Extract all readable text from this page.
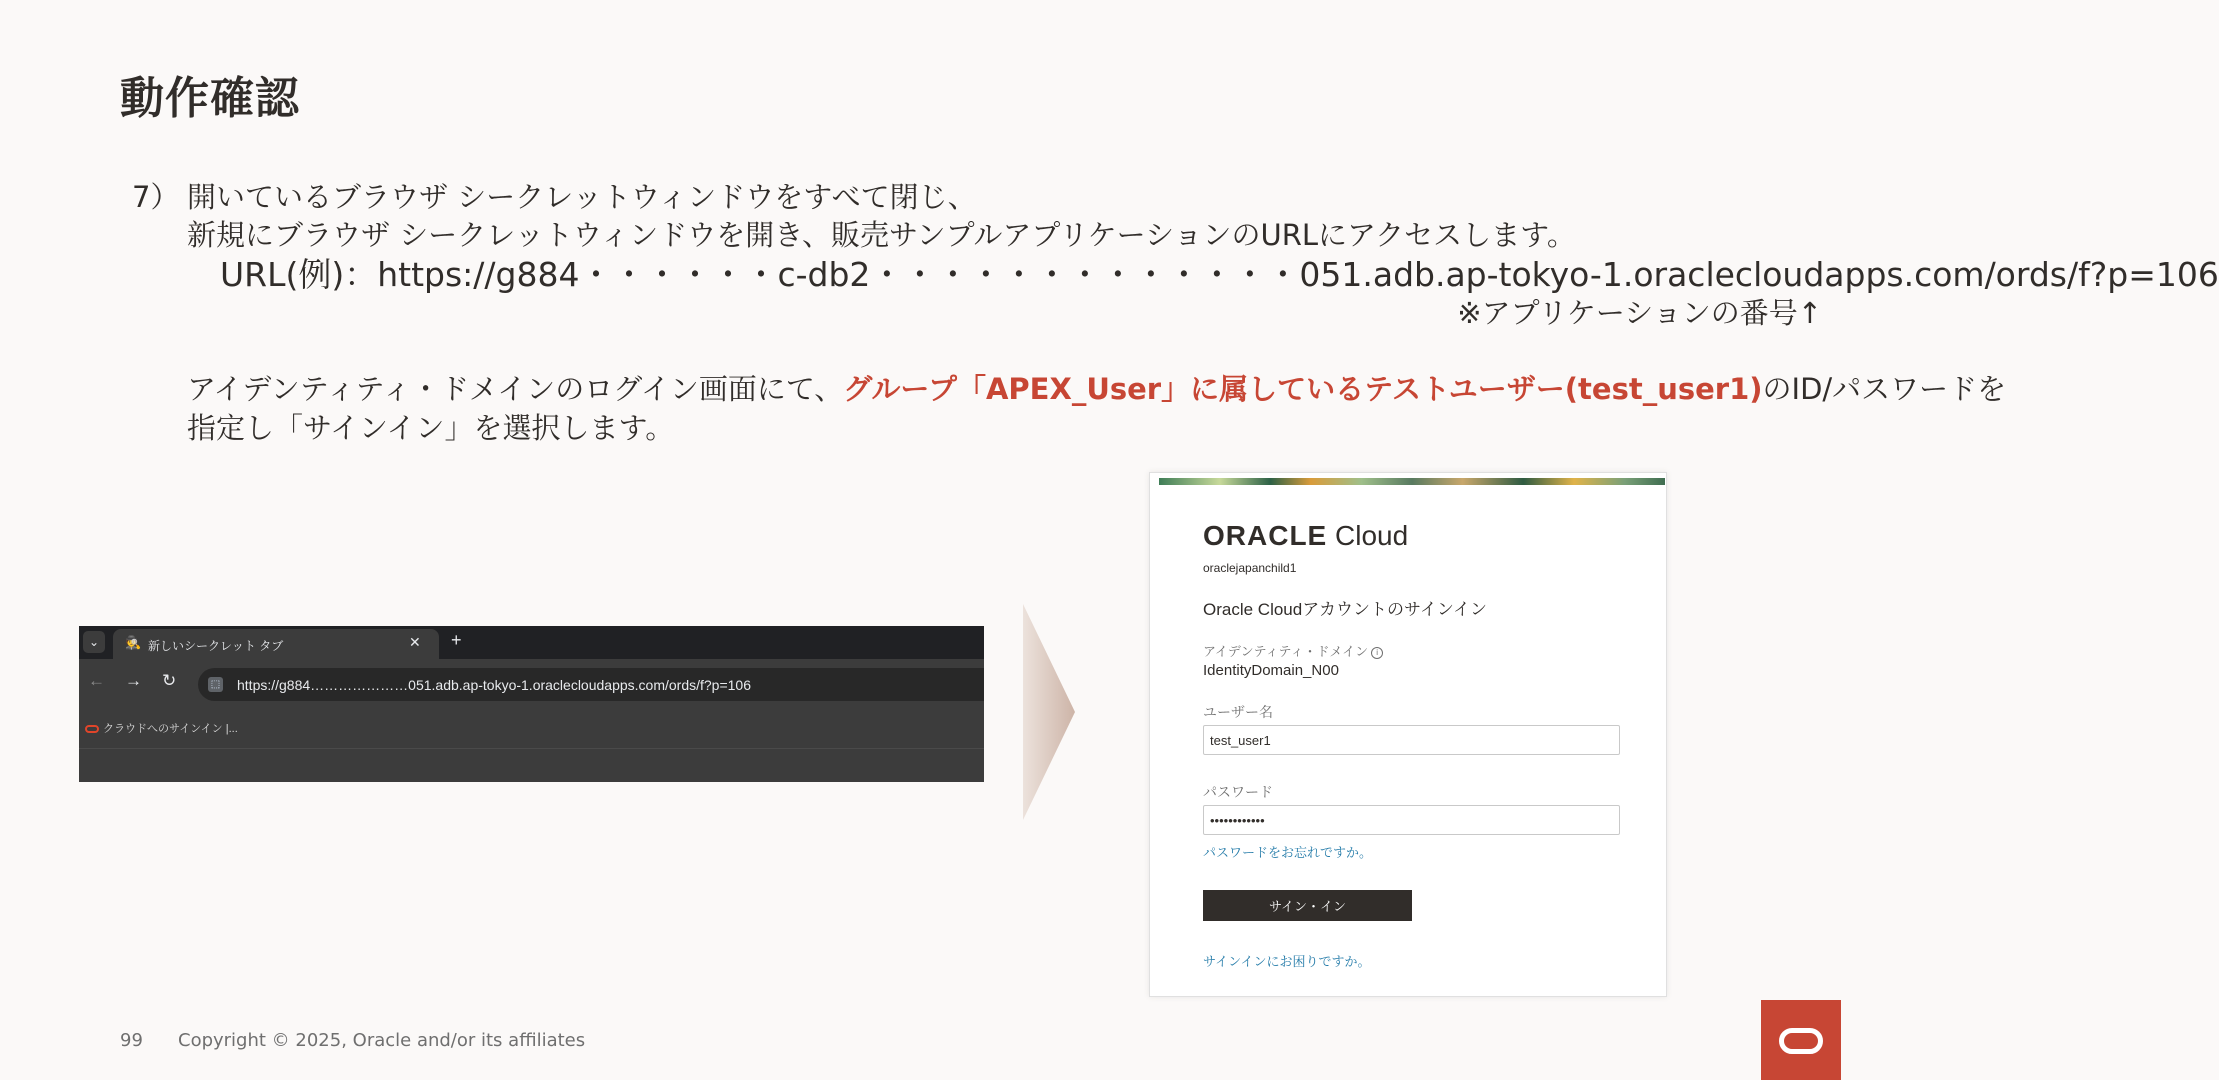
動作確認
7） 開いているブラウザ シークレットウィンドウをすべて閉じ、
新規にブラウザ シークレットウィンドウを開き、販売サンプルアプリケーションのURLにアクセスします。
URL(例)：https://g884・・・・・・c-db2・・・・・・・・・・・・・051.adb.ap-tokyo-1.oraclecloudapps.com/ords/f?p=106
※アプリケーションの番号↑
アイデンティティ・ドメインのログイン画面にて、グループ「APEX_User」に属しているテストユーザー(test_user1)のID/パスワードを
指定し「サインイン」を選択します。
⌄	🕵 新しいシークレット タブ	✕ +
← → ↻	⬚ https://g884…………………051.adb.ap-tokyo-1.oraclecloudapps.com/ords/f?p=106
クラウドへのサインイン |...
ORACLE Cloud
oraclejapanchild1
Oracle Cloudアカウントのサインイン
アイデンティティ・ドメイン i
IdentityDomain_N00
ユーザー名
test_user1
パスワード
••••••••••••
パスワードをお忘れですか。
サイン・イン
サインインにお困りですか。
99 Copyright © 2025, Oracle and/or its affiliates
